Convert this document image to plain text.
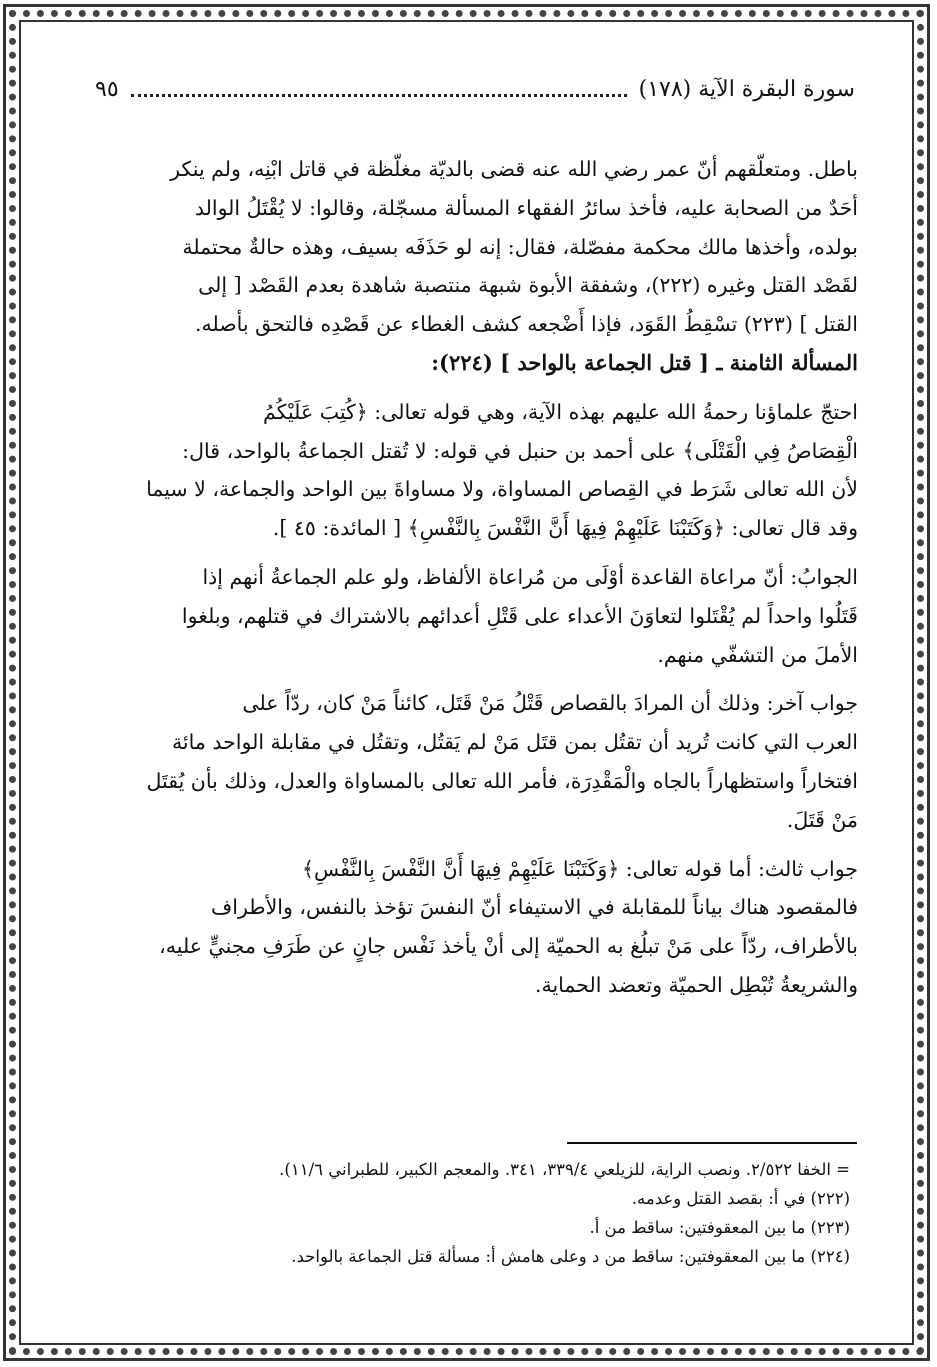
سورة البقرة الآية (١٧٨)
٩٥

باطل. ومتعلّقهم أنّ عمر رضي الله عنه قضى بالديّة مغلّظة في قاتل ابْنِه، ولم ينكر
أحَدٌ من الصحابة عليه، فأخذ سائرُ الفقهاء المسألة مسجّلة، وقالوا: لا يُقْتَلُ الوالد
بولده، وأخذها مالك محكمة مفصّلة، فقال: إنه لو حَذَفَه بسيف، وهذه حالةٌ محتملة
لقَصْد القتل وغيره (٢٢٢)، وشفقة الأبوة شبهة منتصبة شاهدة بعدم القَصْد [ إلى
القتل ] (٢٢٣) تسْقِطُ القَوَد، فإذا أَضْجعه كشف الغطاء عن قَصْدِه فالتحق بأصله.

المسألة الثامنة ـ [ قتل الجماعة بالواحد ] (٢٢٤):

احتجّ علماؤنا رحمةُ الله عليهم بهذه الآية، وهي قوله تعالى: ﴿كُتِبَ عَلَيْكُمُ
الْقِصَاصُ فِي الْقَتْلَى﴾ على أحمد بن حنبل في قوله: لا تُقتل الجماعةُ بالواحد، قال:
لأن الله تعالى شَرَط في القِصاص المساواة، ولا مساواةَ بين الواحد والجماعة، لا سيما
وقد قال تعالى: ﴿وَكَتَبْنَا عَلَيْهِمْ فِيهَا أَنَّ النَّفْسَ بِالنَّفْسِ﴾ [ المائدة: ٤٥ ].

الجوابُ: أنّ مراعاة القاعدة أوْلَى من مُراعاة الألفاظ، ولو علم الجماعةُ أنهم إذا
قَتَلُوا واحداً لم يُقْتَلوا لتعاوَنَ الأعداء على قَتْلِ أعدائهم بالاشتراك في قتلهم، وبلغوا
الأملَ من التشفّي منهم.

جواب آخر: وذلك أن المرادَ بالقصاص قَتْلُ مَنْ قَتَل، كائناً مَنْ كان، ردّاً على
العرب التي كانت تُريد أن تقتُل بمن قتَل مَنْ لم يَقتُل، وتقتُل في مقابلة الواحد مائة
افتخاراً واستظهاراً بالجاه والْمَقْدِرَة، فأمر الله تعالى بالمساواة والعدل، وذلك بأن يُقتَل
مَنْ قَتَلَ.

جواب ثالث: أما قوله تعالى: ﴿وَكَتَبْنَا عَلَيْهِمْ فِيهَا أَنَّ النَّفْسَ بِالنَّفْسِ﴾
فالمقصود هناك بياناً للمقابلة في الاستيفاء أنّ النفسَ تؤخذ بالنفس، والأطراف
بالأطراف، ردّاً على مَنْ تبلُغ به الحميّة إلى أنْ يأخذ نَفْس جانٍ عن طَرَفِ مجنيٍّ عليه،
والشريعةُ تُبْطِل الحميّة وتعضد الحماية.

= الخفا ٢/٥٢٢. ونصب الراية، للزيلعي ٣٣٩/٤، ٣٤١. والمعجم الكبير، للطبراني ١١/٦).

(٢٢٢) في أ: بقصد القتل وعدمه.

(٢٢٣) ما بين المعقوفتين: ساقط من أ.

(٢٢٤) ما بين المعقوفتين: ساقط من د وعلى هامش أ: مسألة قتل الجماعة بالواحد.
